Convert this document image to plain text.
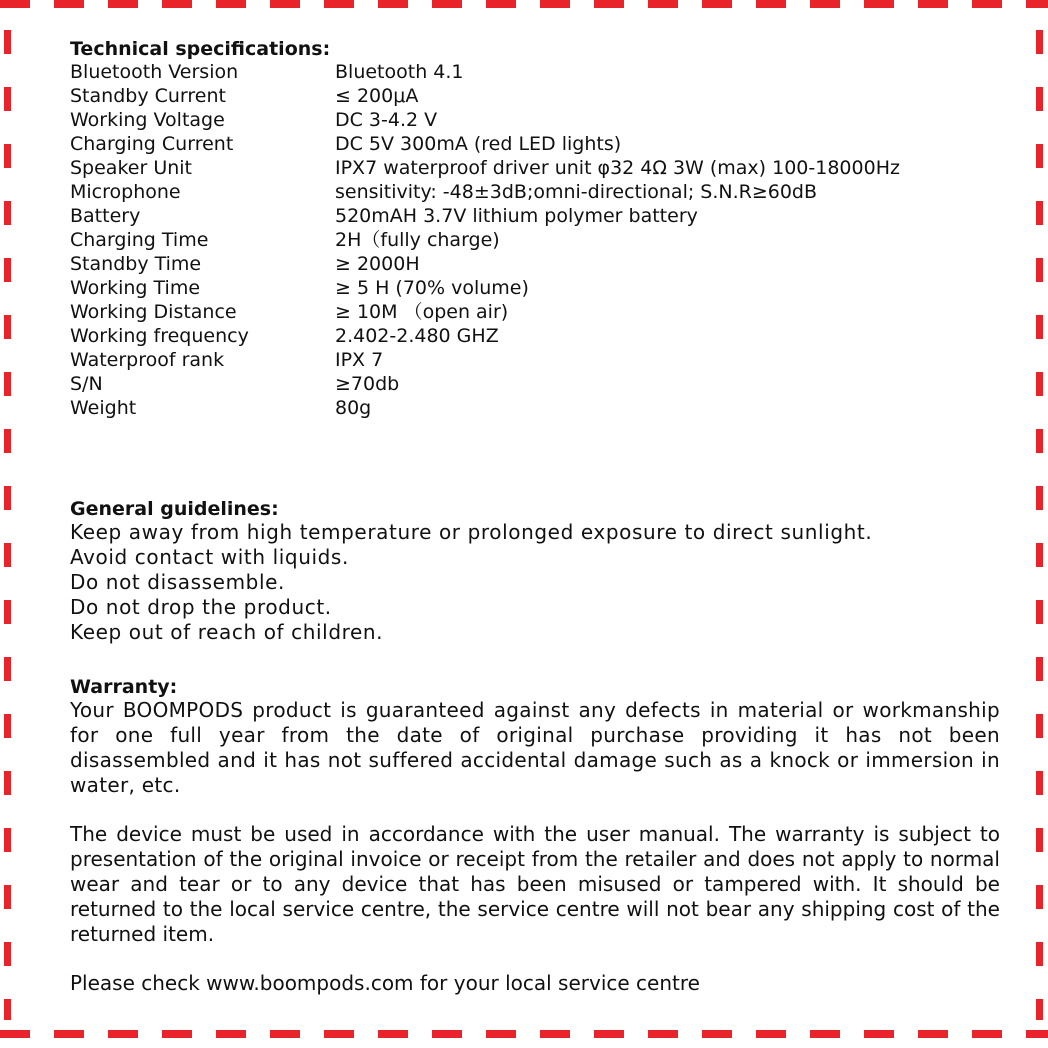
Technical specifications:
Bluetooth Version	Bluetooth 4.1
Standby Current	≤ 200μA
Working Voltage	DC 3-4.2 V
Charging Current	DC 5V 300mA (red LED lights)
Speaker Unit	IPX7 waterproof driver unit φ32 4Ω 3W (max) 100-18000Hz
Microphone	sensitivity: -48±3dB;omni-directional; S.N.R≥60dB
Battery	520mAH 3.7V lithium polymer battery
Charging Time	2H（fully charge)
Standby Time	≥ 2000H
Working Time	≥ 5 H (70% volume)
Working Distance	≥ 10M （open air)
Working frequency	2.402-2.480 GHZ
Waterproof rank	IPX 7
S/N	≥70db
Weight	80g
General guidelines:
Keep away from high temperature or prolonged exposure to direct sunlight.
Avoid contact with liquids.
Do not disassemble.
Do not drop the product.
Keep out of reach of children.
Warranty:

Your BOOMPODS product is guaranteed against any defects in material or workmanship for one full year from the date of original purchase providing it has not been disassembled and it has not suffered accidental damage such as a knock or immersion in water, etc.

The device must be used in accordance with the user manual. The warranty is subject to presentation of the original invoice or receipt from the retailer and does not apply to normal wear and tear or to any device that has been misused or tampered with. It should be returned to the local service centre, the service centre will not bear any shipping cost of the returned item.

Please check www.boompods.com for your local service centre
